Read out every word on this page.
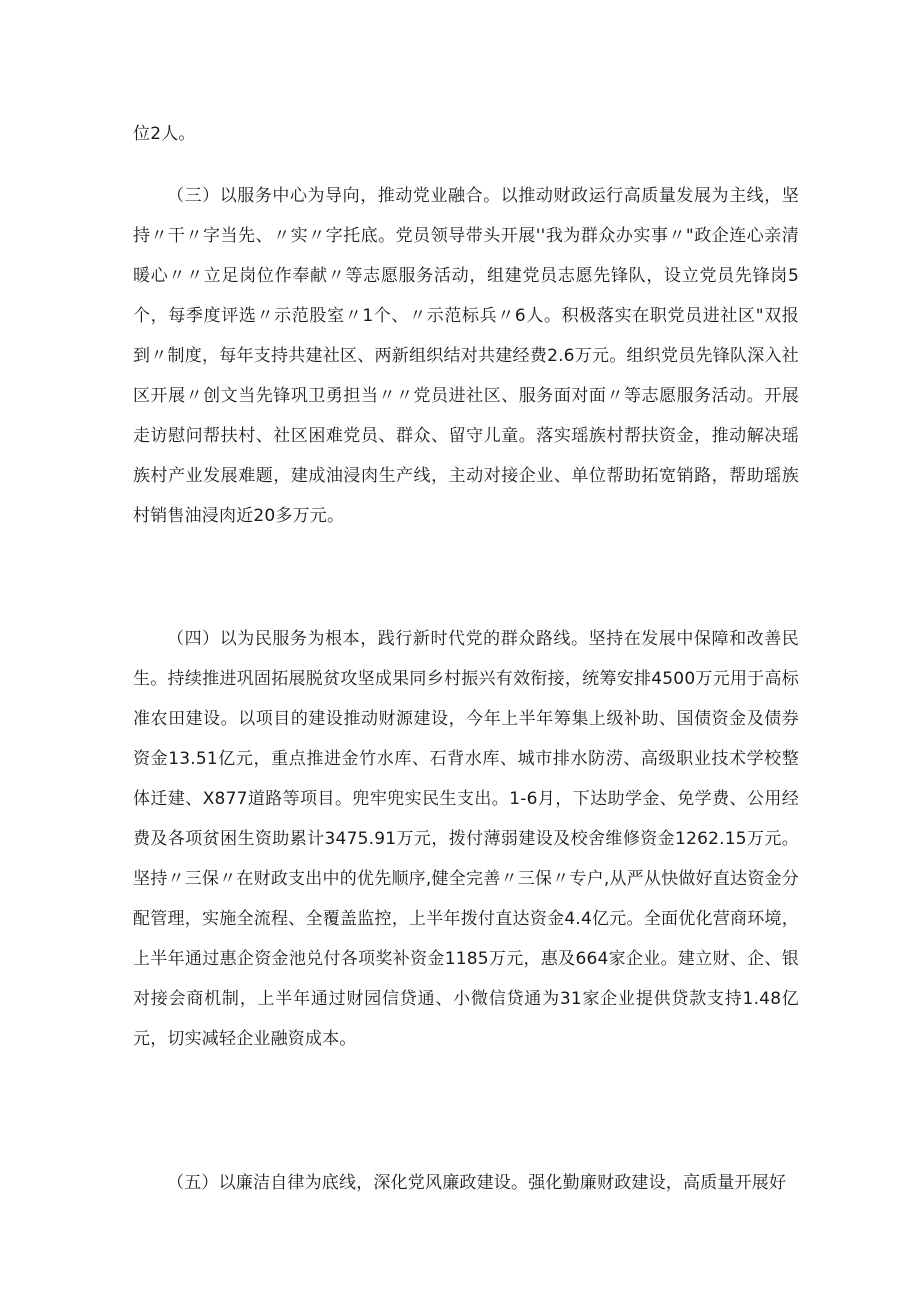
位2人。

（三）以服务中心为导向，推动党业融合。以推动财政运行高质量发展为主线，坚持〃干〃字当先、〃实〃字托底。党员领导带头开展''我为群众办实事〃"政企连心亲清暖心〃〃立足岗位作奉献〃等志愿服务活动，组建党员志愿先锋队，设立党员先锋岗5个，每季度评选〃示范股室〃1个、〃示范标兵〃6人。积极落实在职党员进社区"双报到〃制度，每年支持共建社区、两新组织结对共建经费2.6万元。组织党员先锋队深入社区开展〃创文当先锋巩卫勇担当〃〃党员进社区、服务面对面〃等志愿服务活动。开展走访慰问帮扶村、社区困难党员、群众、留守儿童。落实瑶族村帮扶资金，推动解决瑶族村产业发展难题，建成油浸肉生产线，主动对接企业、单位帮助拓宽销路，帮助瑶族村销售油浸肉近20多万元。

（四）以为民服务为根本，践行新时代党的群众路线。坚持在发展中保障和改善民生。持续推进巩固拓展脱贫攻坚成果同乡村振兴有效衔接，统筹安排4500万元用于高标准农田建设。以项目的建设推动财源建设，今年上半年筹集上级补助、国债资金及债券资金13.51亿元，重点推进金竹水库、石背水库、城市排水防涝、高级职业技术学校整体迁建、X877道路等项目。兜牢兜实民生支出。1-6月，下达助学金、免学费、公用经费及各项贫困生资助累计3475.91万元，拨付薄弱建设及校舍维修资金1262.15万元。坚持〃三保〃在财政支出中的优先顺序,健全完善〃三保〃专户,从严从快做好直达资金分配管理，实施全流程、全覆盖监控，上半年拨付直达资金4.4亿元。全面优化营商环境，上半年通过惠企资金池兑付各项奖补资金1185万元，惠及664家企业。建立财、企、银对接会商机制，上半年通过财园信贷通、小微信贷通为31家企业提供贷款支持1.48亿元，切实减轻企业融资成本。

（五）以廉洁自律为底线，深化党风廉政建设。强化勤廉财政建设，高质量开展好
